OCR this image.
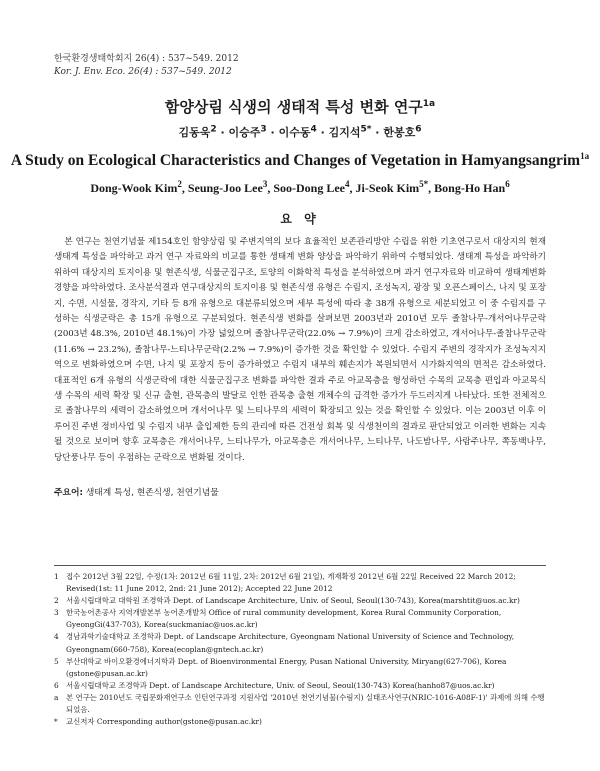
한국환경생태학회지 26(4) : 537~549. 2012
Kor. J. Env. Eco. 26(4) : 537~549. 2012
함양상림 식생의 생태적 특성 변화 연구$^{1a}$
김동욱$^2$ · 이승주$^3$ · 이수동$^4$ · 김지석$^{5*}$ · 한봉호$^6$
A Study on Ecological Characteristics and Changes of Vegetation in Hamyangsangrim$^{1a}$
Dong-Wook Kim$^2$, Seung-Joo Lee$^3$, Soo-Dong Lee$^4$, Ji-Seok Kim$^{5*}$, Bong-Ho Han$^6$
요 약

본 연구는 천연기념물 제154호인 함양상림 및 주변지역의 보다 효율적인 보존관리방안 수립을 위한 기초연구로서 대상지의 현재 생태계 특성을 파악하고 과거 연구 자료와의 비교를 통한 생태계 변화 양상을 파악하기 위하여 수행되었다. 생태계 특성을 파악하기 위하여 대상지의 토지이용 및 현존식생, 식물군집구조, 토양의 이화학적 특성을 분석하였으며 과거 연구자료와 비교하여 생태계변화 경향을 파악하였다. 조사분석결과 연구대상지의 토지이용 및 현존식생 유형은 수림지, 조성녹지, 광장 및 오픈스페이스, 나지 및 포장지, 수면, 시설물, 경작지, 기타 등 8개 유형으로 대분류되었으며 세부 특성에 따라 총 38개 유형으로 세분되었고 이 중 수림지를 구성하는 식생군락은 총 15개 유형으로 구분되었다. 현존식생 변화를 살펴보면 2003년과 2010년 모두 졸참나무-개서어나무군락(2003년 48.3%, 2010년 48.1%)이 가장 넓었으며 졸참나무군락(22.0% → 7.9%)이 크게 감소하였고, 개서어나무-졸참나무군락(11.6% → 23.2%), 졸참나무-느티나무군락(2.2% → 7.9%)이 증가한 것을 확인할 수 있었다. 수림지 주변의 경작지가 조성녹지지역으로 변화하였으며 수면, 나지 및 포장지 등이 증가하였고 수림지 내부의 훼손지가 복원되면서 시가화지역의 면적은 감소하였다. 대표적인 6개 유형의 식생군락에 대한 식물군집구조 변화를 파악한 결과 주로 아교목층을 형성하던 수목의 교목층 편입과 아교목식생 수목의 세력 확장 및 신규 출현, 관목층의 발달로 인한 관목층 출현 개체수의 급격한 증가가 두드러지게 나타났다. 또한 전체적으로 졸참나무의 세력이 감소하였으며 개서어나무 및 느티나무의 세력이 확장되고 있는 것을 확인할 수 있었다. 이는 2003년 이후 이루어진 주변 정비사업 및 수림지 내부 출입제한 등의 관리에 따른 건전성 회복 및 식생천이의 결과로 판단되었고 이러한 변화는 지속될 것으로 보이며 향후 교목층은 개서어나무, 느티나무가, 아교목층은 개서어나무, 느티나무, 나도밤나무, 사람주나무, 쪽동백나무, 당단풍나무 등이 우점하는 군락으로 변화될 것이다.

주요어: 생태계 특성, 현존식생, 천연기념물

1 접수 2012년 3월 22일, 수정(1차: 2012년 6월 11일, 2차: 2012년 6월 21일), 게재확정 2012년 6월 22일 Received 22 March 2012; Revised(1st: 11 June 2012, 2nd: 21 June 2012); Accepted 22 June 2012
2 서울시립대학교 대학원 조경학과 Dept. of Landscape Architecture, Univ. of Seoul, Seoul(130-743), Korea(marshtit@uos.ac.kr)
3 한국농어촌공사 지역개발본부 농어촌개발처 Office of rural community development, Korea Rural Community Corporation, GyeongGi(437-703), Korea(suckmaniac@uos.ac.kr)
4 경남과학기술대학교 조경학과 Dept. of Landscape Architecture, Gyeongnam National University of Science and Technology, Gyeongnam(660-758), Korea(ecoplan@gntech.ac.kr)
5 부산대학교 바이오환경에너지학과 Dept. of Bioenvironmental Energy, Pusan National University, Miryang(627-706), Korea (gstone@pusan.ac.kr)
6 서울시립대학교 조경학과 Dept. of Landscape Architecture, Univ. of Seoul, Seoul(130-743) Korea(hanho87@uos.ac.kr)
a 본 연구는 2010년도 국립문화재연구소 인턴연구과정 지원사업 '2010년 천연기념물(수림지) 실태조사연구(NRIC-1016-A08F-1)' 과제에 의해 수행되었음.
* 교신저자 Corresponding author(gstone@pusan.ac.kr)
